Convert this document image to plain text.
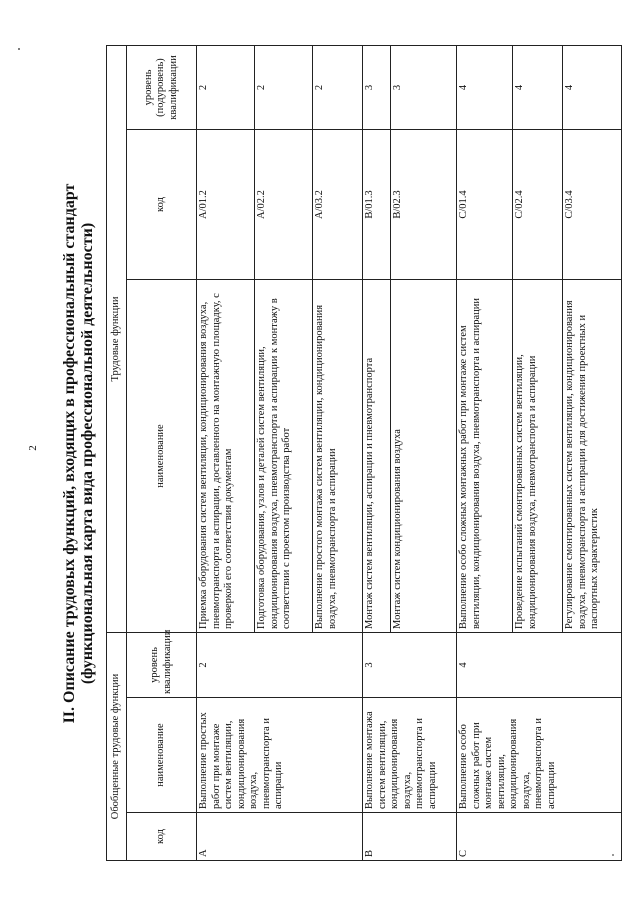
2 II. Описание трудовых функций, входящих в профессиональный стандарт (функциональная карта вида профессиональной деятельности)
Обобщенные трудовые функции			Трудовые функции		
код	наименование	уровень квалификации	наименование	код	уровень (подуровень) квалификации
A	Выполнение простых работ при монтаже систем вентиляции, кондиционирования воздуха, пневмотранспорта и аспирации	2	Приемка оборудования систем вентиляции, кондиционирования воздуха, пневмотранспорта и аспирации, доставленного на монтажную площадку, с проверкой его соответствия документам	A/01.2	2
			Подготовка оборудования, узлов и деталей систем вентиляции, кондиционирования воздуха, пневмотранспорта и аспирации к монтажу в соответствии с проектом производства работ	A/02.2	2
			Выполнение простого монтажа систем вентиляции, кондиционирования воздуха, пневмотранспорта и аспирации	A/03.2	2
B	Выполнение монтажа систем вентиляции, кондиционирования воздуха, пневмотранспорта и аспирации	3	Монтаж систем вентиляции, аспирации и пневмотранспорта	B/01.3	3
			Монтаж систем кондиционирования воздуха	B/02.3	3
C	Выполнение особо сложных работ при монтаже систем вентиляции, кондиционирования воздуха, пневмотранспорта и аспирации	4	Выполнение особо сложных монтажных работ при монтаже систем вентиляции, кондиционирования воздуха, пневмотранспорта и аспирации	C/01.4	4
			Проведение испытаний смонтированных систем вентиляции, кондиционирования воздуха, пневмотранспорта и аспирации	C/02.4	4
			Регулирование смонтированных систем вентиляции, кондиционирования воздуха, пневмотранспорта и аспирации для достижения проектных и паспортных характеристик	C/03.4	4
